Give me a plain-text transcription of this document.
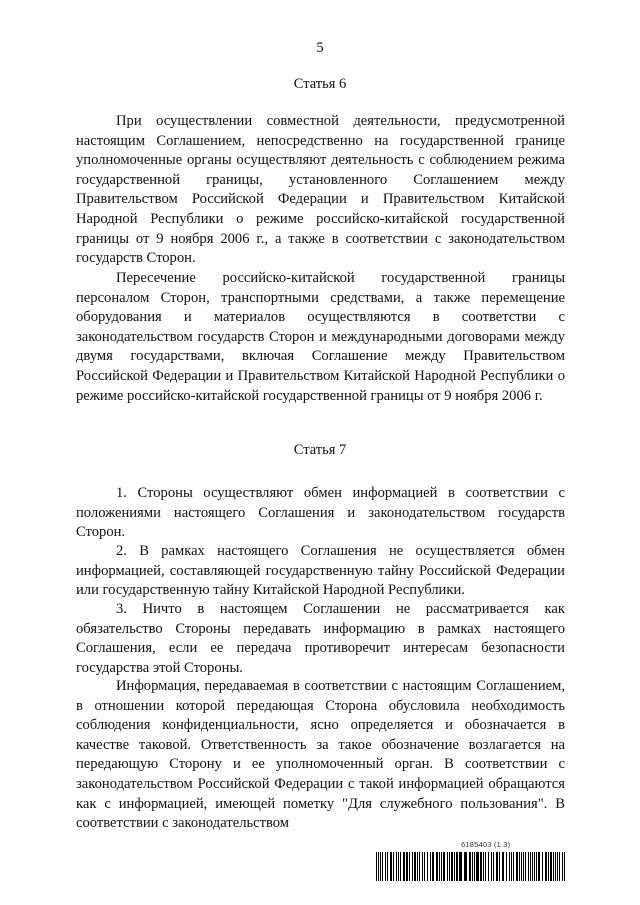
5
Статья 6

При осуществлении совместной деятельности, предусмотренной настоящим Соглашением, непосредственно на государственной границе уполномоченные органы осуществляют деятельность с соблюдением режима государственной границы, установленного Соглашением между Правительством Российской Федерации и Правительством Китайской Народной Республики о режиме российско-китайской государственной границы от 9 ноября 2006 г., а также в соответствии с законодательством государств Сторон.

Пересечение российско-китайской государственной границы персоналом Сторон, транспортными средствами, а также перемещение оборудования и материалов осуществляются в соответстви с законодательством государств Сторон и международными договорами между двумя государствами, включая Соглашение между Правительством Российской Федерации и Правительством Китайской Народной Республики о режиме российско-китайской государственной границы от 9 ноября 2006 г.

Статья 7

1. Стороны осуществляют обмен информацией в соответствии с положениями настоящего Соглашения и законодательством государств Сторон.

2. В рамках настоящего Соглашения не осуществляется обмен информацией, составляющей государственную тайну Российской Федерации или государственную тайну Китайской Народной Республики.

3. Ничто в настоящем Соглашении не рассматривается как обязательство Стороны передавать информацию в рамках настоящего Соглашения, если ее передача противоречит интересам безопасности государства этой Стороны.

Информация, передаваемая в соответствии с настоящим Соглашением, в отношении которой передающая Сторона обусловила необходимость соблюдения конфиденциальности, ясно определяется и обозначается в качестве таковой. Ответственность за такое обозначение возлагается на передающую Сторону и ее уполномоченный орган. В соответствии с законодательством Российской Федерации с такой информацией обращаются как с информацией, имеющей пометку "Для служебного пользования". В соответствии с законодательством

6185403 (1.3)
